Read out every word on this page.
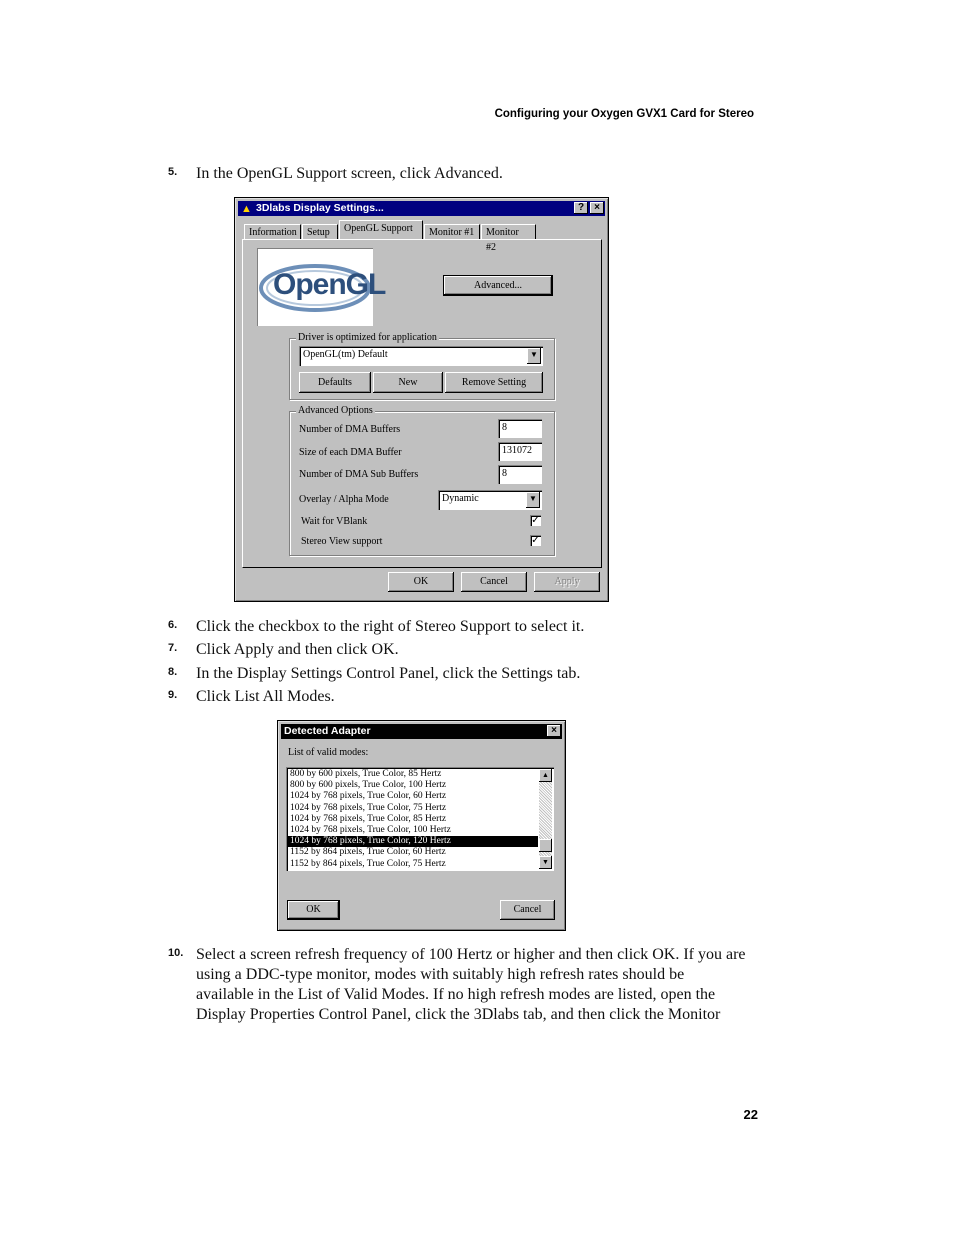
Configuring your Oxygen GVX1 Card for Stereo
5. In the OpenGL Support screen, click Advanced.
▲ 3Dlabs Display Settings...	?	×
Information	Setup	OpenGL Support	Monitor #1	Monitor #2
OpenGL	Advanced...
Driver is optimized for application
OpenGL(tm) Default	▼
Defaults	New	Remove Setting
Advanced Options
Number of DMA Buffers	8
Size of each DMA Buffer	131072
Number of DMA Sub Buffers	8
Overlay / Alpha Mode	Dynamic	▼
Wait for VBlank	✓
Stereo View support	✓
OK	Cancel	Apply
6. Click the checkbox to the right of Stereo Support to select it.
7. Click Apply and then click OK.
8. In the Display Settings Control Panel, click the Settings tab.
9. Click List All Modes.
Detected Adapter	×
List of valid modes:
800 by 600 pixels, True Color, 85 Hertz
800 by 600 pixels, True Color, 100 Hertz
1024 by 768 pixels, True Color, 60 Hertz
1024 by 768 pixels, True Color, 75 Hertz
1024 by 768 pixels, True Color, 85 Hertz
1024 by 768 pixels, True Color, 100 Hertz
1024 by 768 pixels, True Color, 120 Hertz
1152 by 864 pixels, True Color, 60 Hertz
1152 by 864 pixels, True Color, 75 Hertz
▲
▼
OK	Cancel
10. Select a screen refresh frequency of 100 Hertz or higher and then click OK. If you are
using a DDC-type monitor, modes with suitably high refresh rates should be
available in the List of Valid Modes. If no high refresh modes are listed, open the
Display Properties Control Panel, click the 3Dlabs tab, and then click the Monitor
22
